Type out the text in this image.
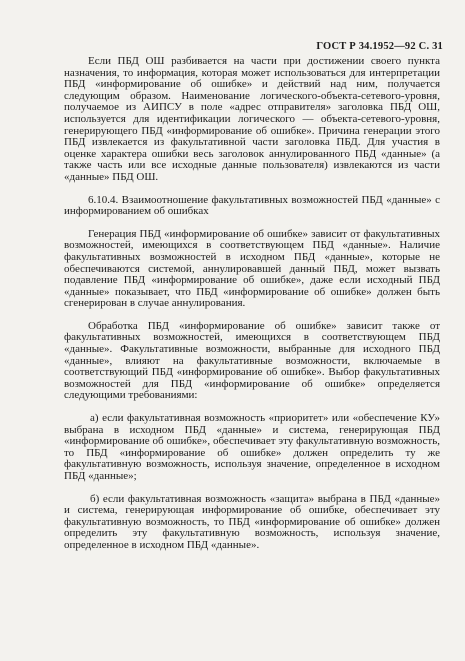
ГОСТ Р 34.1952—92 С. 31

Если ПБД ОШ разбивается на части при достижении своего пункта назначения, то информация, которая может использоваться для интерпретации ПБД «информирование об ошибке» и действий над ним, получается следующим образом. Наименование логического-объекта-сетевого-уровня, получаемое из АИПСУ в поле «адрес отправителя» заголовка ПБД ОШ, используется для идентификации логического — объекта-сетевого-уровня, генерирующего ПБД «информирование об ошибке». Причина генерации этого ПБД извлекается из факультативной части заголовка ПБД. Для участия в оценке характера ошибки весь заголовок аннулированного ПБД «данные» (а также часть или все исходные данные пользователя) извлекаются из части «данные» ПБД ОШ.

6.10.4. Взаимоотношение факультативных возможностей ПБД «данные» с информированием об ошибках

Генерация ПБД «информирование об ошибке» зависит от факультативных возможностей, имеющихся в соответствующем ПБД «данные». Наличие факультативных возможностей в исходном ПБД «данные», которые не обеспечиваются системой, аннулировавшей данный ПБД, может вызвать подавление ПБД «информирование об ошибке», даже если исходный ПБД «данные» показывает, что ПБД «информирование об ошибке» должен быть сгенерирован в случае аннулирования.

Обработка ПБД «информирование об ошибке» зависит также от факультативных возможностей, имеющихся в соответствующем ПБД «данные». Факультативные возможности, выбранные для исходного ПБД «данные», влияют на факультативные возможности, включаемые в соответствующий ПБД «информирование об ошибке». Выбор факультативных возможностей для ПБД «информирование об ошибке» определяется следующими требованиями:

а) если факультативная возможность «приоритет» или «обеспечение КУ» выбрана в исходном ПБД «данные» и система, генерирующая ПБД «информирование об ошибке», обеспечивает эту факультативную возможность, то ПБД «информирование об ошибке» должен определить ту же факультативную возможность, используя значение, определенное в исходном ПБД «данные»;

б) если факультативная возможность «защита» выбрана в ПБД «данные» и система, генерирующая информирование об ошибке, обеспечивает эту факультативную возможность, то ПБД «информирование об ошибке» должен определить эту факультативную возможность, используя значение, определенное в исходном ПБД «данные».
